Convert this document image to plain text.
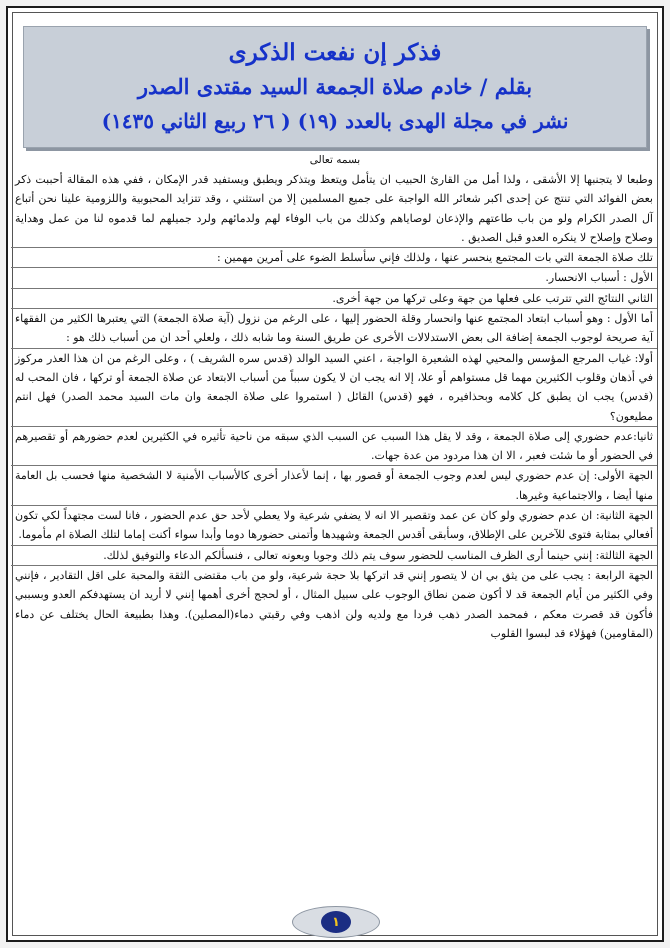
فذكر إن نفعت الذكرى
بقلم / خادم صلاة الجمعة السيد مقتدى الصدر
نشر في مجلة الهدى بالعدد (١٩) ( ٢٦ ربيع الثاني ١٤٣٥)
بسمه تعالى

وطبعا لا يتجنبها إلا الأشقى ، ولذا أمل من القارئ الحبيب ان يتأمل ويتعظ ويتذكر ويطبق ويستفيد قدر الإمكان ، ففي هذه المقالة أحببت ذكر بعض الفوائد التي تنتج عن إحدى اكبر شعائر الله الواجبة على جميع المسلمين إلا من استثني ، وقد تتزايد المحبوبية واللزومية علينا نحن أتباع آل الصدر الكرام ولو من باب طاعتهم والإذعان لوصاياهم وكذلك من باب الوفاء لهم ولدمائهم ولرد جميلهم لما قدموه لنا من عمل وهداية وصلاح وإصلاح لا ينكره العدو قبل الصديق .

تلك صلاة الجمعة التي بات المجتمع ينحسر عنها ، ولذلك فإني سأسلط الضوء على أمرين مهمين :

الأول : أسباب الانحسار.

الثاني النتائج التي تترتب على فعلها من جهة وعلى تركها من جهة أخرى.

أما الأول : وهو أسباب ابتعاد المجتمع عنها وانحسار وقلة الحضور إليها ، على الرغم من نزول (آية صلاة الجمعة) التي يعتبرها الكثير من الفقهاء آية صريحة لوجوب الجمعة إضافة الى بعض الاستدلالات الأخرى عن طريق السنة وما شابه ذلك ، ولعلي أحد ان من أسباب ذلك هو :

أولا: غياب المرجع المؤسس والمحيي لهذه الشعيرة الواجبة ، اعني السيد الوالد (قدس سره الشريف ) ، وعلى الرغم من ان هذا العذر مركوز في أذهان وقلوب الكثيرين مهما قل مستواهم أو علا، إلا انه يجب ان لا يكون سبباً من أسباب الابتعاد عن صلاة الجمعة أو تركها ، فان المحب له (قدس) يجب ان يطبق كل كلامه وبحذافيره ، فهو (قدس) القائل ( استمروا على صلاة الجمعة وان مات السيد محمد الصدر) فهل انتم مطيعون؟

ثانيا:عدم حضوري إلى صلاة الجمعة ، وقد لا يقل هذا السبب عن السبب الذي سبقه من ناحية تأثيره في الكثيرين لعدم حضورهم أو تقصيرهم في الحضور أو ما شئت فعبر ، الا ان هذا مردود من عدة جهات.

الجهة الأولى: إن عدم حضوري ليس لعدم وجوب الجمعة أو قصور بها ، إنما لأعذار أخرى كالأسباب الأمنية لا الشخصية منها فحسب بل العامة منها أيضا ، والاجتماعية وغيرها.

الجهة الثانية: ان عدم حضوري ولو كان عن عمد وتقصير الا انه لا يضفي شرعية ولا يعطي لأحد حق عدم الحضور ، فانا لست مجتهداً لكي تكون أفعالي بمثابة فتوى للآخرين على الإطلاق، وسأبقى أقدس الجمعة وشهيدها وأتمنى حضورها دوما وأبدا سواء أكنت إماما لتلك الصلاة ام مأموما.

الجهة الثالثة: إنني حينما أرى الظرف المناسب للحضور سوف يتم ذلك وجوبا وبعونه تعالى ، فنسألكم الدعاء والتوفيق لذلك.

الجهة الرابعة : يجب على من يثق بي ان لا يتصور إنني قد اتركها بلا حجة شرعية، ولو من باب مقتضى الثقة والمحبة على اقل التقادير ، فإنني وفي الكثير من أيام الجمعة قد لا أكون ضمن نطاق الوجوب على سبيل المثال ، أو لحجج أخرى أهمها إنني لا أريد ان يستهدفكم العدو وبسببي فأكون قد قصرت معكم ، فمحمد الصدر ذهب فردا مع ولديه ولن اذهب وفي رقبتي دماء(المصلين). وهذا بطبيعة الحال يختلف عن دماء (المقاومين) فهؤلاء قد لبسوا القلوب

١
